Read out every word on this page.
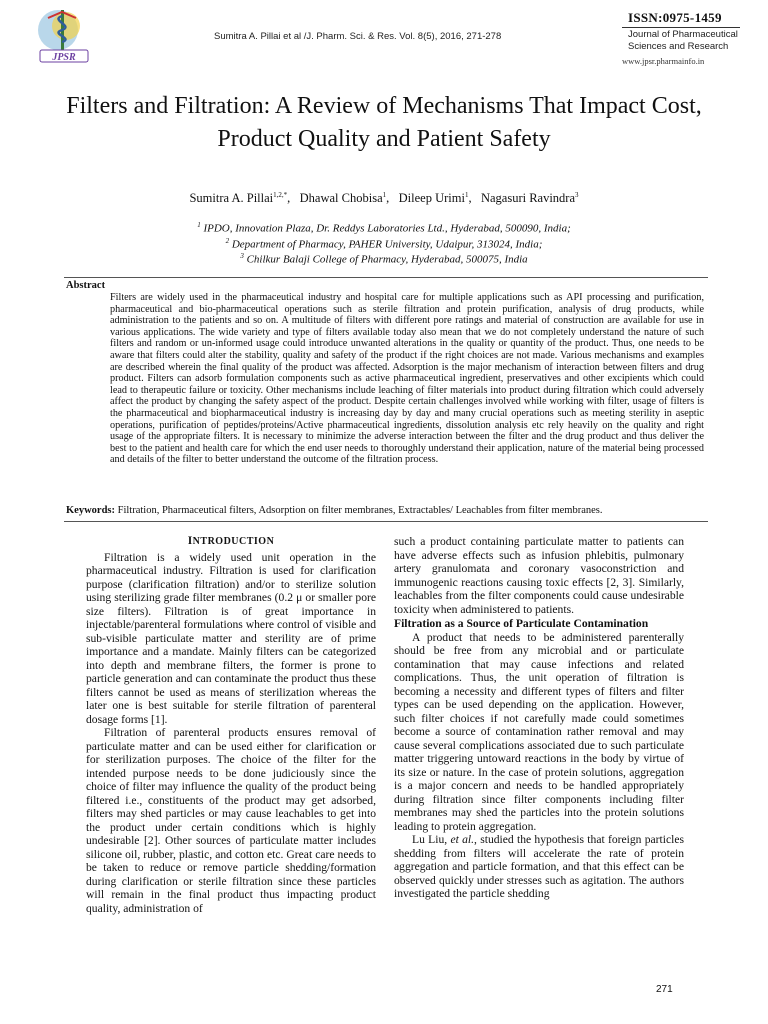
JPSR
Sumitra A. Pillai et al /J. Pharm. Sci. & Res. Vol. 8(5), 2016, 271-278
ISSN:0975-1459
Journal of Pharmaceutical
Sciences and Research
www.jpsr.pharmainfo.in
Filters and Filtration: A Review of Mechanisms That Impact Cost, Product Quality and Patient Safety
Sumitra A. Pillai$^{1,2,*}$,   Dhawal Chobisa$^1$,   Dileep Urimi$^1$,   Nagasuri Ravindra$^3$
$^1$ IPDO, Innovation Plaza, Dr. Reddys Laboratories Ltd., Hyderabad, 500090, India;
$^2$ Department of Pharmacy, PAHER University, Udaipur, 313024, India;
$^3$ Chilkur Balaji College of Pharmacy, Hyderabad, 500075, India
Abstract

Filters are widely used in the pharmaceutical industry and hospital care for multiple applications such as API processing and purification, pharmaceutical and bio-pharmaceutical operations such as sterile filtration and protein purification, analysis of drug products, while administration to the patients and so on. A multitude of filters with different pore ratings and material of construction are available for use in various applications. The wide variety and type of filters available today also mean that we do not completely understand the nature of such filters and random or un-informed usage could introduce unwanted alterations in the quality or quantity of the product. Thus, one needs to be aware that filters could alter the stability, quality and safety of the product if the right choices are not made. Various mechanisms and examples are described wherein the final quality of the product was affected. Adsorption is the major mechanism of interaction between filters and drug product. Filters can adsorb formulation components such as active pharmaceutical ingredient, preservatives and other excipients which could lead to therapeutic failure or toxicity. Other mechanisms include leaching of filter materials into product during filtration which could adversely affect the product by changing the safety aspect of the product. Despite certain challenges involved while working with filter, usage of filters is the pharmaceutical and biopharmaceutical industry is increasing day by day and many crucial operations such as meeting sterility in aseptic operations, purification of peptides/proteins/Active pharmaceutical ingredients, dissolution analysis etc rely heavily on the quality and right usage of the appropriate filters. It is necessary to minimize the adverse interaction between the filter and the drug product and thus deliver the best to the patient and health care for which the end user needs to thoroughly understand their application, nature of the material being processed and details of the filter to better understand the outcome of the filtration process.

Keywords: Filtration, Pharmaceutical filters, Adsorption on filter membranes, Extractables/ Leachables from filter membranes.
INTRODUCTION

Filtration is a widely used unit operation in the pharmaceutical industry. Filtration is used for clarification purpose (clarification filtration) and/or to sterilize solution using sterilizing grade filter membranes (0.2 μ or smaller pore size filters). Filtration is of great importance in injectable/parenteral formulations where control of visible and sub-visible particulate matter and sterility are of prime importance and a mandate. Mainly filters can be categorized into depth and membrane filters, the former is prone to particle generation and can contaminate the product thus these filters cannot be used as means of sterilization whereas the later one is best suitable for sterile filtration of parenteral dosage forms [1].

Filtration of parenteral products ensures removal of particulate matter and can be used either for clarification or for sterilization purposes. The choice of the filter for the intended purpose needs to be done judiciously since the choice of filter may influence the quality of the product being filtered i.e., constituents of the product may get adsorbed, filters may shed particles or may cause leachables to get into the product under certain conditions which is highly undesirable [2]. Other sources of particulate matter includes silicone oil, rubber, plastic, and cotton etc. Great care needs to be taken to reduce or remove particle shedding/formation during clarification or sterile filtration since these particles will remain in the final product thus impacting product quality, administration of

such a product containing particulate matter to patients can have adverse effects such as infusion phlebitis, pulmonary artery granulomata and coronary vasoconstriction and immunogenic reactions causing toxic effects [2, 3]. Similarly, leachables from the filter components could cause undesirable toxicity when administered to patients.

Filtration as a Source of Particulate Contamination

A product that needs to be administered parenterally should be free from any microbial and or particulate contamination that may cause infections and related complications. Thus, the unit operation of filtration is becoming a necessity and different types of filters and filter types can be used depending on the application. However, such filter choices if not carefully made could sometimes become a source of contamination rather removal and may cause several complications associated due to such particulate matter triggering untoward reactions in the body by virtue of its size or nature. In the case of protein solutions, aggregation is a major concern and needs to be handled appropriately during filtration since filter components including filter membranes may shed the particles into the protein solutions leading to protein aggregation.

Lu Liu, et al., studied the hypothesis that foreign particles shedding from filters will accelerate the rate of protein aggregation and particle formation, and that this effect can be observed quickly under stresses such as agitation. The authors investigated the particle shedding

271
